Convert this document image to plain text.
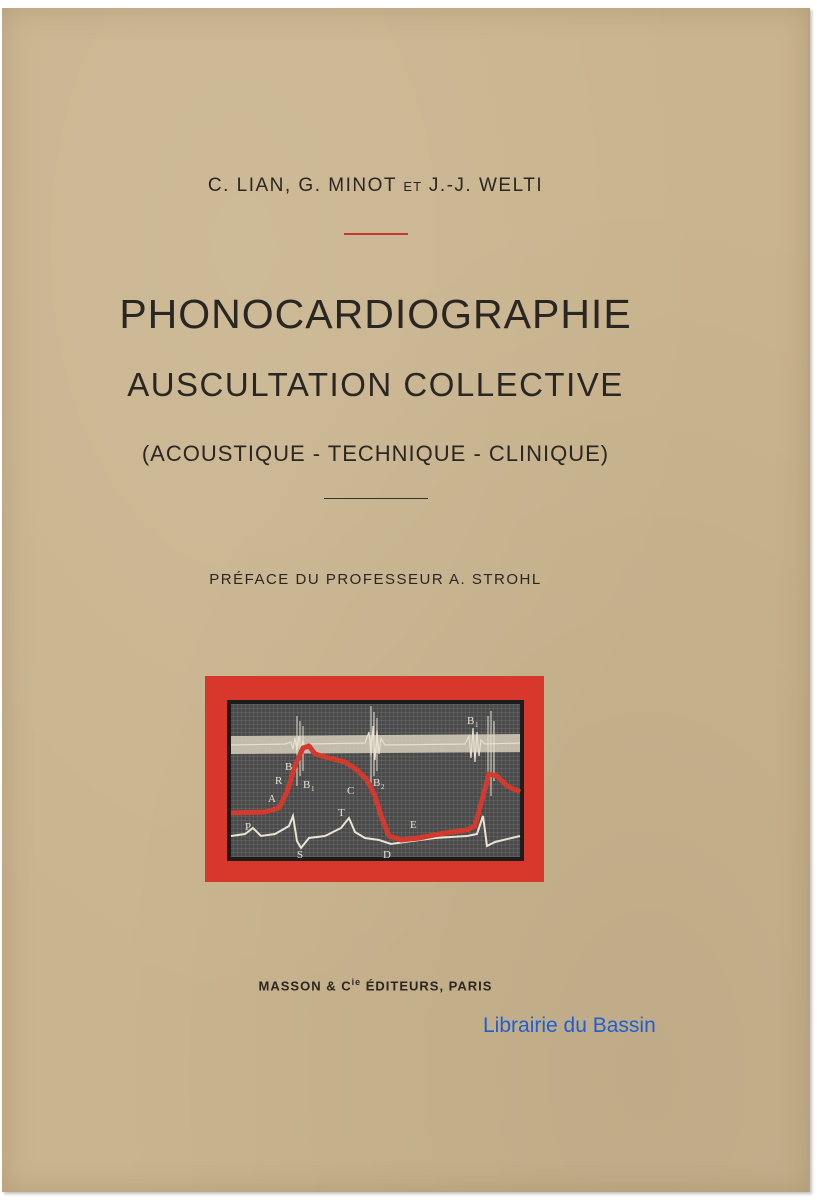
C. LIAN, G. MINOT ET J.-J. WELTI
PHONOCARDIOGRAPHIE
AUSCULTATION COLLECTIVE
(ACOUSTIQUE - TECHNIQUE - CLINIQUE)
PRÉFACE DU PROFESSEUR A. STROHL
A
R
B
B 1	C
B 2
T
S	D
E
P
B 1
MASSON & $C^{ie}$ ÉDITEURS, PARIS
Librairie du Bassin
